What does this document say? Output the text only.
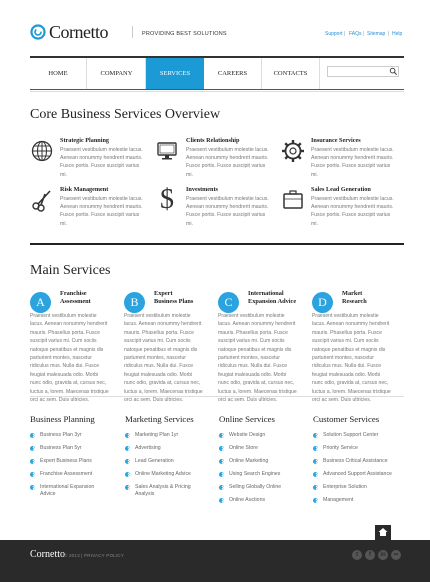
Cornetto	PROVIDING BEST SOLUTIONS	Support | FAQs | Sitemap | Help
HOME	COMPANY	SERVICES	CAREERS	CONTACTS
Core Business Services Overview
Strategic Planning
Praesent vestibulum molestie lacus. Aenean nonummy hendrerit mauris. Fusce portis. Fusce suscipit varius mi.
Clients Relationship
Praesent vestibulum molestie lacus. Aenean nonummy hendrerit mauris. Fusce portis. Fusce suscipit varius mi.
Insurance Services
Praesent vestibulum molestie lacus. Aenean nonummy hendrerit mauris. Fusce portis. Fusce suscipit varius mi.
Risk Management
Praesent vestibulum molestie lacus. Aenean nonummy hendrerit mauris. Fusce portis. Fusce suscipit varius mi.
$	Investments
Praesent vestibulum molestie lacus. Aenean nonummy hendrerit mauris. Fusce portis. Fusce suscipit varius mi.
Sales Lead Generation
Praesent vestibulum molestie lacus. Aenean nonummy hendrerit mauris. Fusce portis. Fusce suscipit varius mi.
Main Services
A
Franchise
Assessment
Praesent vestibulum molestie lacus. Aenean nonummy hendrerit mauris. Phasellus porta. Fusce suscipit varius mi. Cum sociis natoque penatibus et magnis dis parturient montes, nascetur ridiculus mus. Nulla dui. Fusce feugiat malesuada odio. Morbi nunc odio, gravida at, cursus nec, luctus a, lorem. Maecenas tristique orci ac sem. Duis ultricies.
B
Expert
Business Plans
Praesent vestibulum molestie lacus. Aenean nonummy hendrerit mauris. Phasellus porta. Fusce suscipit varius mi. Cum sociis natoque penatibus et magnis dis parturient montes, nascetur ridiculus mus. Nulla dui. Fusce feugiat malesuada odio. Morbi nunc odio, gravida at, cursus nec, luctus a, lorem. Maecenas tristique orci ac sem. Duis ultricies.
C
International
Expansion Advice
Praesent vestibulum molestie lacus. Aenean nonummy hendrerit mauris. Phasellus porta. Fusce suscipit varius mi. Cum sociis natoque penatibus et magnis dis parturient montes, nascetur ridiculus mus. Nulla dui. Fusce feugiat malesuada odio. Morbi nunc odio, gravida at, cursus nec, luctus a, lorem. Maecenas tristique orci ac sem. Duis ultricies.
D
Market
Research
Praesent vestibulum molestie lacus. Aenean nonummy hendrerit mauris. Phasellus porta. Fusce suscipit varius mi. Cum sociis natoque penatibus et magnis dis parturient montes, nascetur ridiculus mus. Nulla dui. Fusce feugiat malesuada odio. Morbi nunc odio, gravida at, cursus nec, luctus a, lorem. Maecenas tristique orci ac sem. Duis ultricies.
Business Planning
Business Plan 3yr
Business Plan 5yr
Expert Business Plans
Franchise Assessment
International Expansion Advice
Marketing Services
Marketing Plan 1yr
Advertising
Lead Generation
Online Marketing Advice
Sales Analysis & Pricing Analysis
Online Services
Website Design
Online Store
Online Marketing
Using Search Engines
Selling Globally Online
Online Auctions
Customer Services
Solution Support Center
Priority Service
Business Critical Assistance
Advanced Support Assistance
Enterprise Solution
Management
Cornetto © 2013 | PRIVACY POLICY	t	f	in	••
